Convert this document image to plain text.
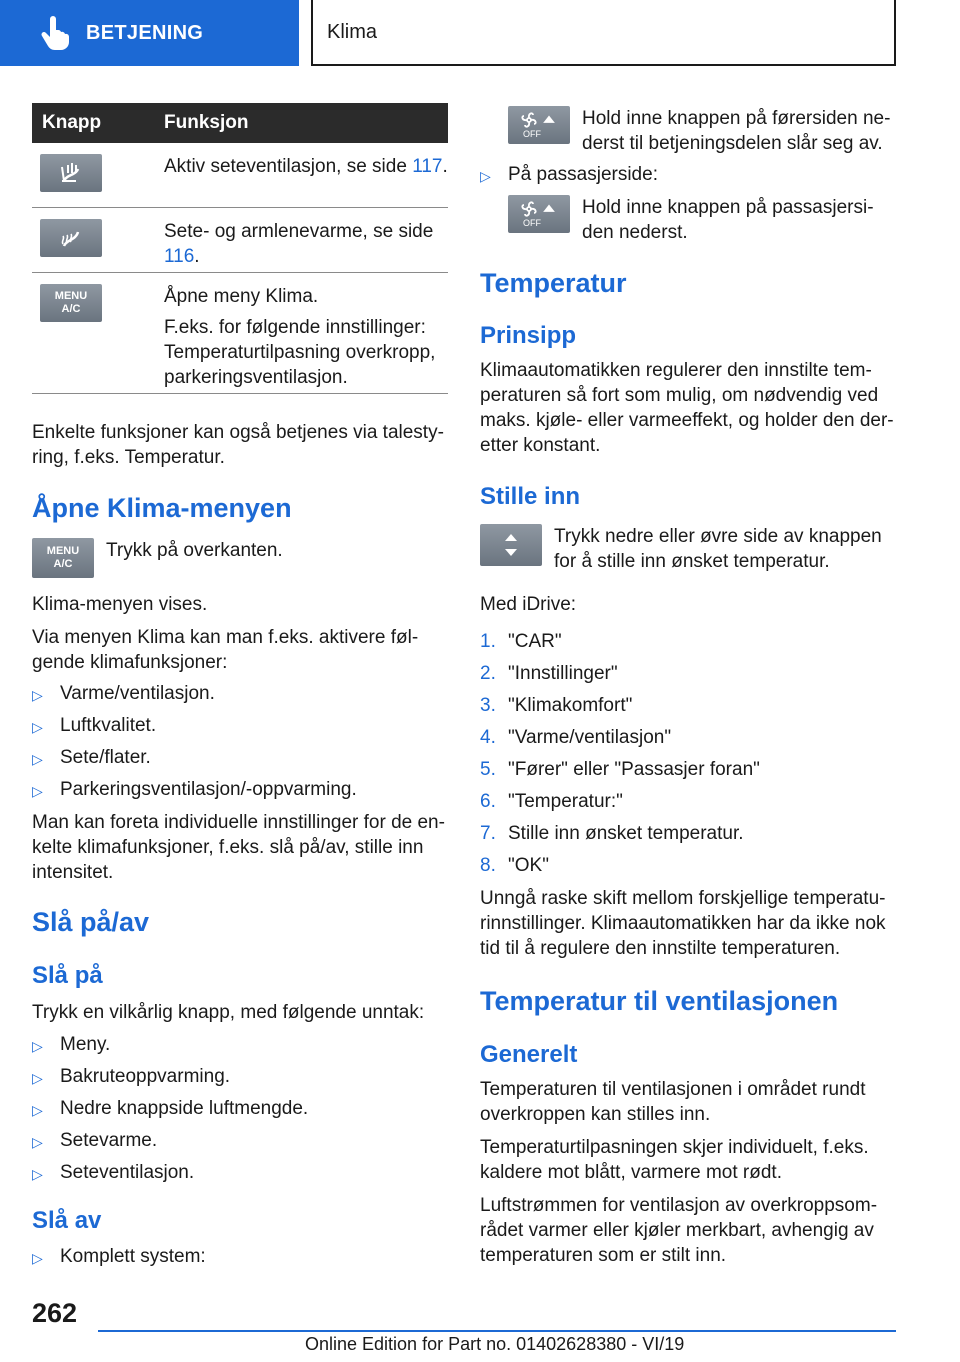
BETJENING	Klima
Knapp	Funksjon

Aktiv seteventilasjon, se side 117.

Sete- og armlenevarme, se side 116.

MENU
A/C

Åpne meny Klima.

F.eks. for følgende innstillinger: Temperaturtilpasning overkropp, parkeringsventilasjon.

Enkelte funksjoner kan også betjenes via talestyring, f.eks. Temperatur.

Åpne Klima-menyen
MENU
A/C

Trykk på overkanten.

Klima-menyen vises.

Via menyen Klima kan man f.eks. aktivere følgende klimafunksjoner:

▷ Varme/ventilasjon.
▷ Luftkvalitet.
▷ Sete/flater.
▷ Parkeringsventilasjon/-oppvarming.

Man kan foreta individuelle innstillinger for de enkelte klimafunksjoner, f.eks. slå på/av, stille inn intensitet.

Slå på/av
Slå på

Trykk en vilkårlig knapp, med følgende unntak:

▷ Meny.
▷ Bakruteoppvarming.
▷ Nedre knappside luftmengde.
▷ Setevarme.
▷ Seteventilasjon.
Slå av
▷ Komplett system:
OFF

Hold inne knappen på førersiden nederst til betjeningsdelen slår seg av.

▷ På passasjerside:
OFF

Hold inne knappen på passasjersiden nederst.

Temperatur
Prinsipp

Klimaautomatikken regulerer den innstilte temperaturen så fort som mulig, om nødvendig ved maks. kjøle- eller varmeeffekt, og holder den deretter konstant.

Stille inn

Trykk nedre eller øvre side av knappen for å stille inn ønsket temperatur.

Med iDrive:

1. "CAR"
2. "Innstillinger"
3. "Klimakomfort"
4. "Varme/ventilasjon"
5. "Fører" eller "Passasjer foran"
6. "Temperatur:"
7. Stille inn ønsket temperatur.
8. "OK"

Unngå raske skift mellom forskjellige temperaturinnstillinger. Klimaautomatikken har da ikke nok tid til å regulere den innstilte temperaturen.

Temperatur til ventilasjonen
Generelt

Temperaturen til ventilasjonen i området rundt overkroppen kan stilles inn.

Temperaturtilpasningen skjer individuelt, f.eks. kaldere mot blått, varmere mot rødt.

Luftstrømmen for ventilasjon av overkroppsområdet varmer eller kjøler merkbart, avhengig av temperaturen som er stilt inn.

262
Online Edition for Part no. 01402628380 - VI/19
